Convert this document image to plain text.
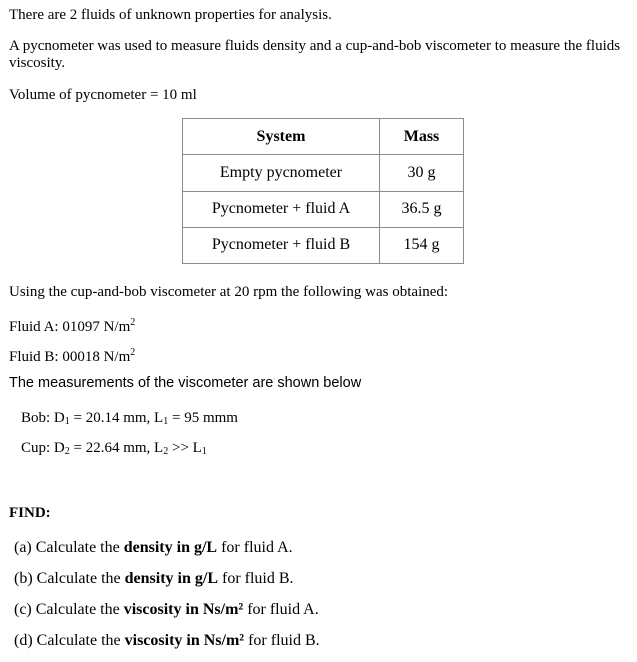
There are 2 fluids of unknown properties for analysis.
A pycnometer was used to measure fluids density and a cup-and-bob viscometer to measure the fluids viscosity.
Volume of pycnometer = 10 ml
System	Mass
Empty pycnometer	30 g
Pycnometer + fluid A	36.5 g
Pycnometer + fluid B	154 g
Using the cup-and-bob viscometer at 20 rpm the following was obtained:
Fluid A: 01097 $N/m^2$
Fluid B: 00018 $N/m^2$
The measurements of the viscometer are shown below
Bob: $D_1 = 20.14$ mm, $L_1 = 95$ mmm
Cup: $D_2 = 22.64$ mm, $L_2 >> L_1$
FIND:
(a) Calculate the density in g/L for fluid A.
(b) Calculate the density in g/L for fluid B.
(c) Calculate the viscosity in Ns/m² for fluid A.
(d) Calculate the viscosity in Ns/m² for fluid B.
